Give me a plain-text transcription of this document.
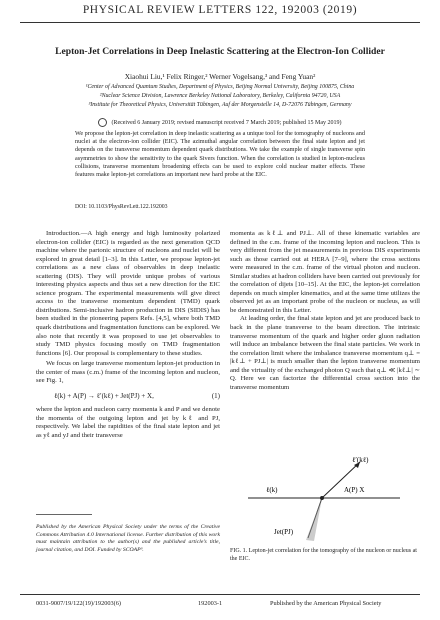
PHYSICAL REVIEW LETTERS 122, 192003 (2019)
Lepton-Jet Correlations in Deep Inelastic Scattering at the Electron-Ion Collider
Xiaohui Liu,¹ Felix Ringer,² Werner Vogelsang,³ and Feng Yuan²
¹Center of Advanced Quantum Studies, Department of Physics, Beijing Normal University, Beijing 100875, China
²Nuclear Science Division, Lawrence Berkeley National Laboratory, Berkeley, California 94720, USA
³Institute for Theoretical Physics, Universität Tübingen, Auf der Morgenstelle 14, D-72076 Tübingen, Germany
(Received 6 January 2019; revised manuscript received 7 March 2019; published 15 May 2019)
We propose the lepton-jet correlation in deep inelastic scattering as a unique tool for the tomography of nucleons and nuclei at the electron-ion collider (EIC). The azimuthal angular correlation between the final state lepton and jet depends on the transverse momentum dependent quark distributions. We take the example of single transverse spin asymmetries to show the sensitivity to the quark Sivers function. When the correlation is studied in lepton-nucleus collisions, transverse momentum broadening effects can be used to explore cold nuclear matter effects. These features make lepton-jet correlations an important new hard probe at the EIC.
DOI: 10.1103/PhysRevLett.122.192003

Introduction.—A high energy and high luminosity polarized electron-ion collider (EIC) is regarded as the next generation QCD machine where the partonic structure of nucleons and nuclei will be explored in great detail [1–3]. In this Letter, we propose lepton-jet correlations as a new class of observables in deep inelastic scattering (DIS). They will provide unique probes of various interesting physics aspects and thus set a new direction for the EIC science program. The experimental measurements will give direct access to the transverse momentum dependent (TMD) quark distributions. Semi-inclusive hadron production in DIS (SIDIS) has been studied in the pioneering papers Refs. [4,5], where both TMD quark distributions and fragmentation functions can be explored. We also note that recently it was proposed to use jet observables to study TMD physics focusing mostly on TMD fragmentation functions [6]. Our proposal is complementary to these studies.

We focus on large transverse momentum lepton-jet production in the center of mass (c.m.) frame of the incoming lepton and nucleon, see Fig. 1,

ℓ(k) + A(P) → ℓ′(kℓ) + Jet(PJ) + X,	(1)

where the lepton and nucleon carry momenta k and P and we denote the momenta of the outgoing lepton and jet by kℓ and PJ, respectively. We label the rapidities of the final state lepton and jet as yℓ and yJ and their transverse

momenta as kℓ⊥ and PJ⊥. All of these kinematic variables are defined in the c.m. frame of the incoming lepton and nucleon. This is very different from the jet measurements in previous DIS experiments such as those carried out at HERA [7–9], where the cross sections were measured in the c.m. frame of the virtual photon and nucleon. Similar studies at hadron colliders have been carried out previously for the correlation of dijets [10–15]. At the EIC, the lepton-jet correlation depends on much simpler kinematics, and at the same time utilizes the observed jet as an important probe of the nucleon or nucleus, as will be demonstrated in this Letter.

At leading order, the final state lepton and jet are produced back to back in the plane transverse to the beam direction. The intrinsic transverse momentum of the quark and higher order gluon radiation will induce an imbalance between the final state particles. We work in the correlation limit where the imbalance transverse momentum q⊥ = |kℓ⊥ + PJ⊥| is much smaller than the lepton transverse momentum and the virtuality of the exchanged photon Q such that q⊥ ≪ |kℓ⊥| ∼ Q. Here we can factorize the differential cross section into the transverse momentum

ℓ′(kℓ)
ℓ(k)	A(P) X
Jet(PJ)
FIG. 1. Lepton-jet correlation for the tomography of the nucleon or nucleus at the EIC.
Published by the American Physical Society under the terms of the Creative Commons Attribution 4.0 International license. Further distribution of this work must maintain attribution to the author(s) and the published article’s title, journal citation, and DOI. Funded by SCOAP³.
0031-9007/19/122(19)/192003(6)	192003-1	Published by the American Physical Society
